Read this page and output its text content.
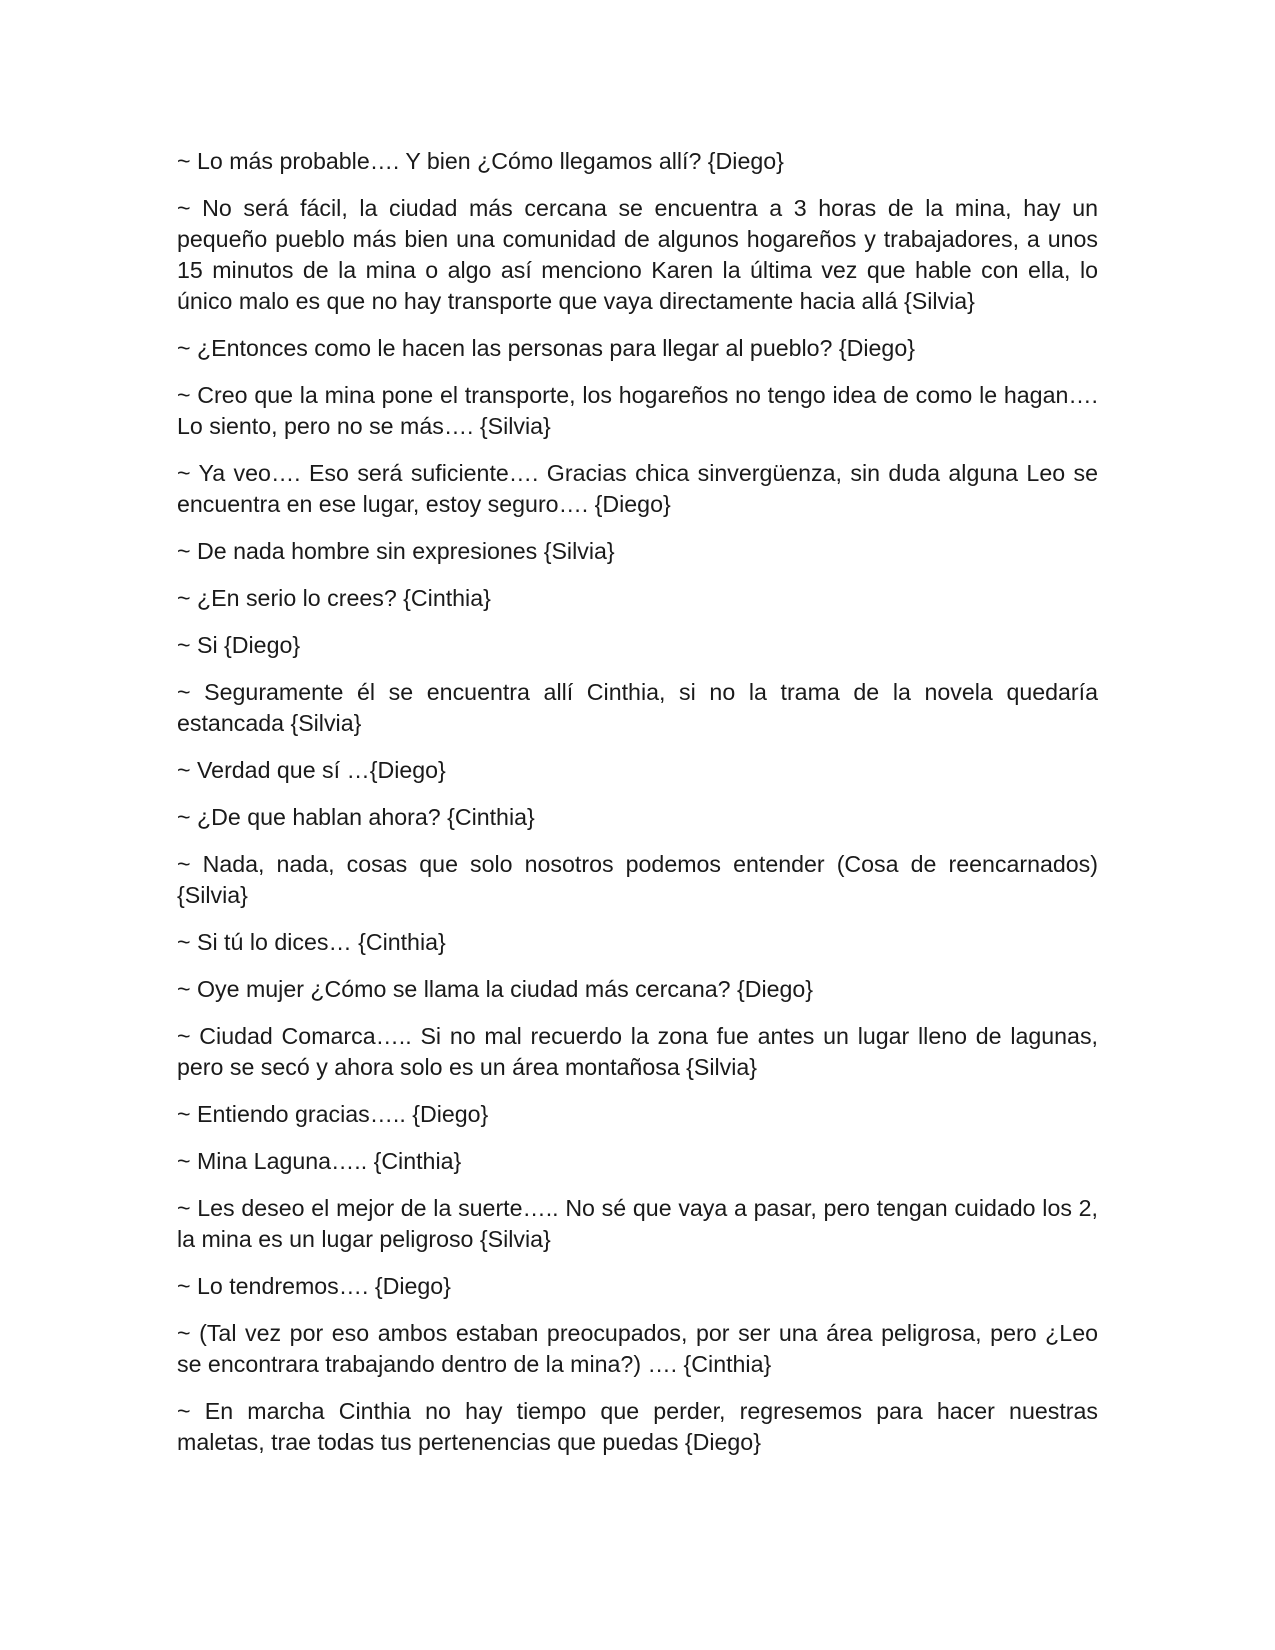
~ Lo más probable…. Y bien ¿Cómo llegamos allí? {Diego}

~ No será fácil, la ciudad más cercana se encuentra a 3 horas de la mina, hay un pequeño pueblo más bien una comunidad de algunos hogareños y trabajadores, a unos 15 minutos de la mina o algo así menciono Karen la última vez que hable con ella, lo único malo es que no hay transporte que vaya directamente hacia allá {Silvia}

~ ¿Entonces como le hacen las personas para llegar al pueblo? {Diego}

~ Creo que la mina pone el transporte, los hogareños no tengo idea de como le hagan…. Lo siento, pero no se más…. {Silvia}

~ Ya veo…. Eso será suficiente…. Gracias chica sinvergüenza, sin duda alguna Leo se encuentra en ese lugar, estoy seguro…. {Diego}

~ De nada hombre sin expresiones {Silvia}

~ ¿En serio lo crees? {Cinthia}

~ Si {Diego}

~ Seguramente él se encuentra allí Cinthia, si no la trama de la novela quedaría estancada {Silvia}

~ Verdad que sí …{Diego}

~ ¿De que hablan ahora? {Cinthia}

~ Nada, nada, cosas que solo nosotros podemos entender (Cosa de reencarnados) {Silvia}

~ Si tú lo dices… {Cinthia}

~ Oye mujer ¿Cómo se llama la ciudad más cercana? {Diego}

~ Ciudad Comarca….. Si no mal recuerdo la zona fue antes un lugar lleno de lagunas, pero se secó y ahora solo es un área montañosa {Silvia}

~ Entiendo gracias….. {Diego}

~ Mina Laguna….. {Cinthia}

~ Les deseo el mejor de la suerte….. No sé que vaya a pasar, pero tengan cuidado los 2, la mina es un lugar peligroso {Silvia}

~ Lo tendremos…. {Diego}

~ (Tal vez por eso ambos estaban preocupados, por ser una área peligrosa, pero ¿Leo se encontrara trabajando dentro de la mina?) …. {Cinthia}

~ En marcha Cinthia no hay tiempo que perder, regresemos para hacer nuestras maletas, trae todas tus pertenencias que puedas {Diego}
